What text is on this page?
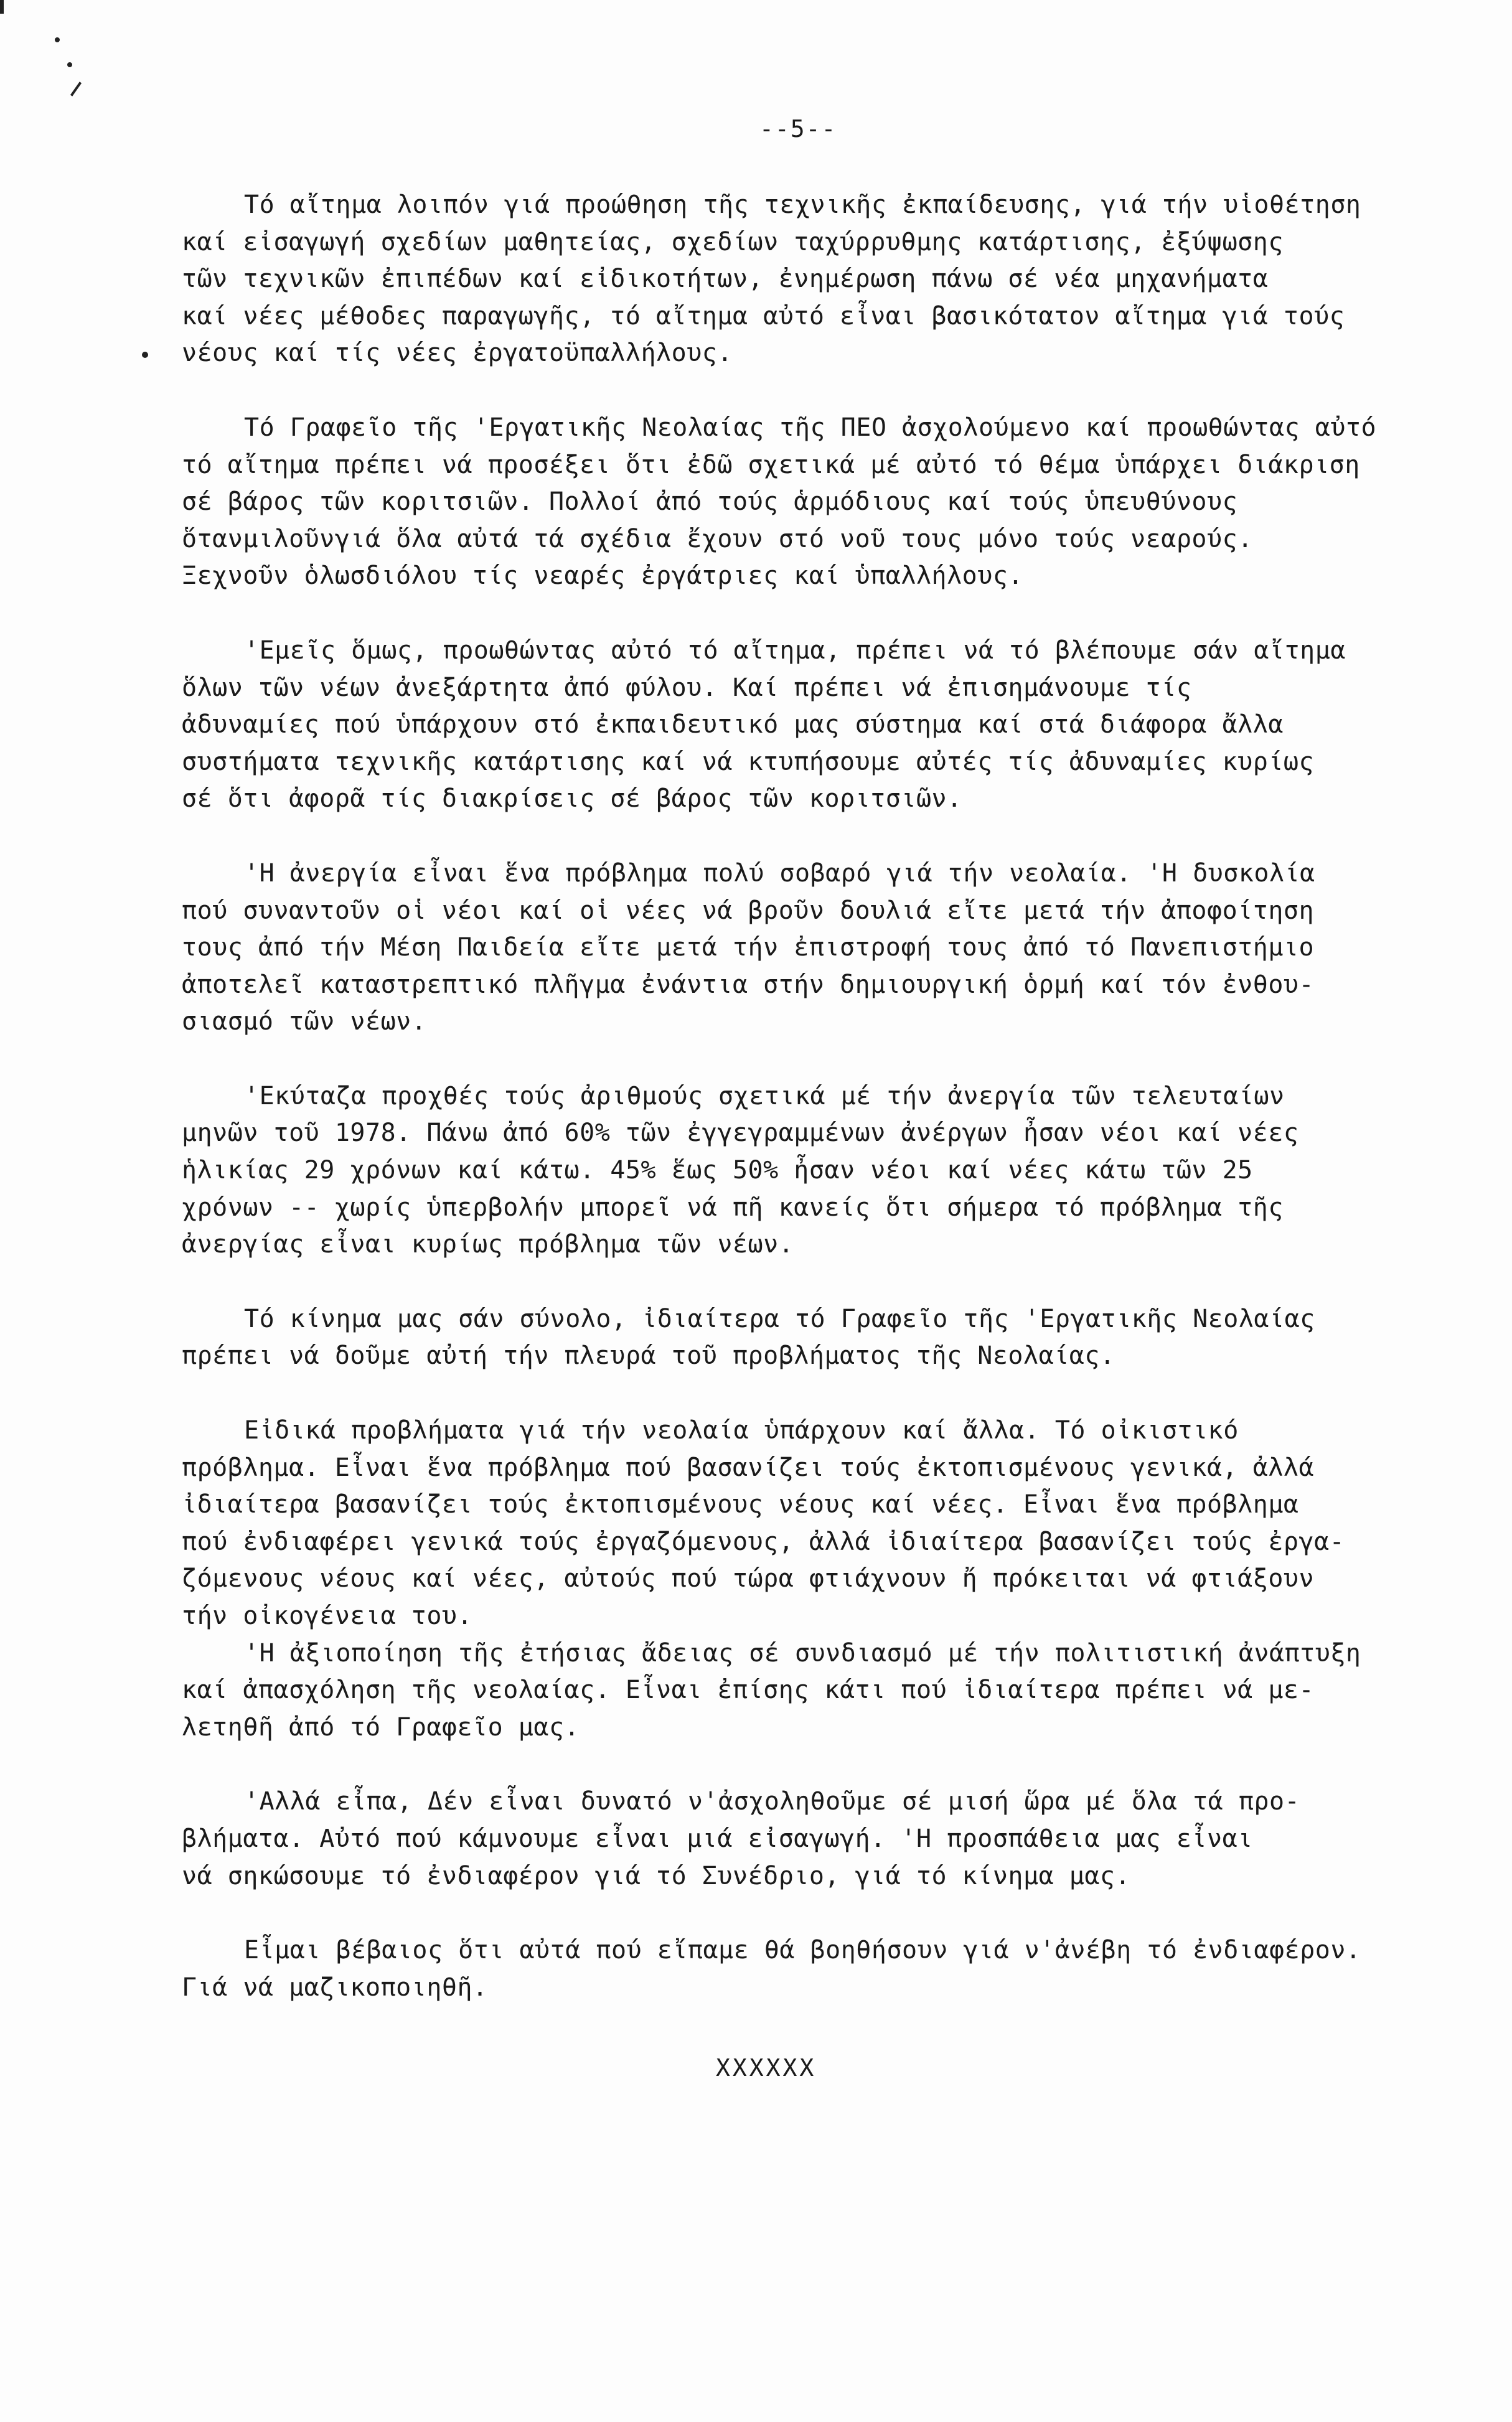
--5--
Τό αἴτημα λοιπόν γιά προώθηση τῆς τεχνικῆς ἐκπαίδευσης, γιά τήν υἱοθέτηση
καί εἰσαγωγή σχεδίων μαθητείας, σχεδίων ταχύρρυθμης κατάρτισης, ἐξύψωσης
τῶν τεχνικῶν ἐπιπέδων καί εἰδικοτήτων, ἐνημέρωση πάνω σέ νέα μηχανήματα
καί νέες μέθοδες παραγωγῆς, τό αἴτημα αὐτό εἶναι βασικότατον αἴτημα γιά τούς
νέους καί τίς νέες ἐργατοϋπαλλήλους.
Τό Γραφεῖο τῆς 'Εργατικῆς Νεολαίας τῆς ΠΕΟ ἀσχολούμενο καί προωθώντας αὐτό
τό αἴτημα πρέπει νά προσέξει ὅτι ἐδῶ σχετικά μέ αὐτό τό θέμα ὑπάρχει διάκριση
σέ βάρος τῶν κοριτσιῶν. Πολλοί ἀπό τούς ἁρμόδιους καί τούς ὑπευθύνους
ὅτανμιλοῦνγιά ὅλα αὐτά τά σχέδια ἔχουν στό νοῦ τους μόνο τούς νεαρούς.
Ξεχνοῦν ὁλωσδιόλου τίς νεαρές ἐργάτριες καί ὑπαλλήλους.
'Εμεῖς ὅμως, προωθώντας αὐτό τό αἴτημα, πρέπει νά τό βλέπουμε σάν αἴτημα
ὅλων τῶν νέων ἀνεξάρτητα ἀπό φύλου. Καί πρέπει νά ἐπισημάνουμε τίς
ἀδυναμίες πού ὑπάρχουν στό ἐκπαιδευτικό μας σύστημα καί στά διάφορα ἄλλα
συστήματα τεχνικῆς κατάρτισης καί νά κτυπήσουμε αὐτές τίς ἀδυναμίες κυρίως
σέ ὅτι ἀφορᾶ τίς διακρίσεις σέ βάρος τῶν κοριτσιῶν.
'Η ἀνεργία εἶναι ἕνα πρόβλημα πολύ σοβαρό γιά τήν νεολαία. 'Η δυσκολία
πού συναντοῦν οἱ νέοι καί οἱ νέες νά βροῦν δουλιά εἴτε μετά τήν ἀποφοίτηση
τους ἀπό τήν Μέση Παιδεία εἴτε μετά τήν ἐπιστροφή τους ἀπό τό Πανεπιστήμιο
ἀποτελεῖ καταστρεπτικό πλῆγμα ἐνάντια στήν δημιουργική ὁρμή καί τόν ἐνθου-
σιασμό τῶν νέων.
'Εκύταζα προχθές τούς ἀριθμούς σχετικά μέ τήν ἀνεργία τῶν τελευταίων
μηνῶν τοῦ 1978. Πάνω ἀπό 60% τῶν ἐγγεγραμμένων ἀνέργων ἦσαν νέοι καί νέες
ἡλικίας 29 χρόνων καί κάτω. 45% ἕως 50% ἦσαν νέοι καί νέες κάτω τῶν 25
χρόνων -- χωρίς ὑπερβολήν μπορεῖ νά πῆ κανείς ὅτι σήμερα τό πρόβλημα τῆς
ἀνεργίας εἶναι κυρίως πρόβλημα τῶν νέων.
Τό κίνημα μας σάν σύνολο, ἰδιαίτερα τό Γραφεῖο τῆς 'Εργατικῆς Νεολαίας
πρέπει νά δοῦμε αὐτή τήν πλευρά τοῦ προβλήματος τῆς Νεολαίας.
Εἰδικά προβλήματα γιά τήν νεολαία ὑπάρχουν καί ἄλλα. Τό οἰκιστικό
πρόβλημα. Εἶναι ἕνα πρόβλημα πού βασανίζει τούς ἐκτοπισμένους γενικά, ἀλλά
ἰδιαίτερα βασανίζει τούς ἐκτοπισμένους νέους καί νέες. Εἶναι ἕνα πρόβλημα
πού ἐνδιαφέρει γενικά τούς ἐργαζόμενους, ἀλλά ἰδιαίτερα βασανίζει τούς ἐργα-
ζόμενους νέους καί νέες, αὐτούς πού τώρα φτιάχνουν ἤ πρόκειται νά φτιάξουν
τήν οἰκογένεια του.
'Η ἀξιοποίηση τῆς ἐτήσιας ἄδειας σέ συνδιασμό μέ τήν πολιτιστική ἀνάπτυξη
καί ἀπασχόληση τῆς νεολαίας. Εἶναι ἐπίσης κάτι πού ἰδιαίτερα πρέπει νά με-
λετηθῆ ἀπό τό Γραφεῖο μας.
'Αλλά εἶπα, Δέν εἶναι δυνατό ν'ἀσχοληθοῦμε σέ μισή ὥρα μέ ὅλα τά προ-
βλήματα. Αὐτό πού κάμνουμε εἶναι μιά εἰσαγωγή. 'Η προσπάθεια μας εἶναι
νά σηκώσουμε τό ἐνδιαφέρον γιά τό Συνέδριο, γιά τό κίνημα μας.
Εἶμαι βέβαιος ὅτι αὐτά πού εἴπαμε θά βοηθήσουν γιά ν'ἀνέβη τό ἐνδιαφέρον.
Γιά νά μαζικοποιηθῆ.
XXXXXX
